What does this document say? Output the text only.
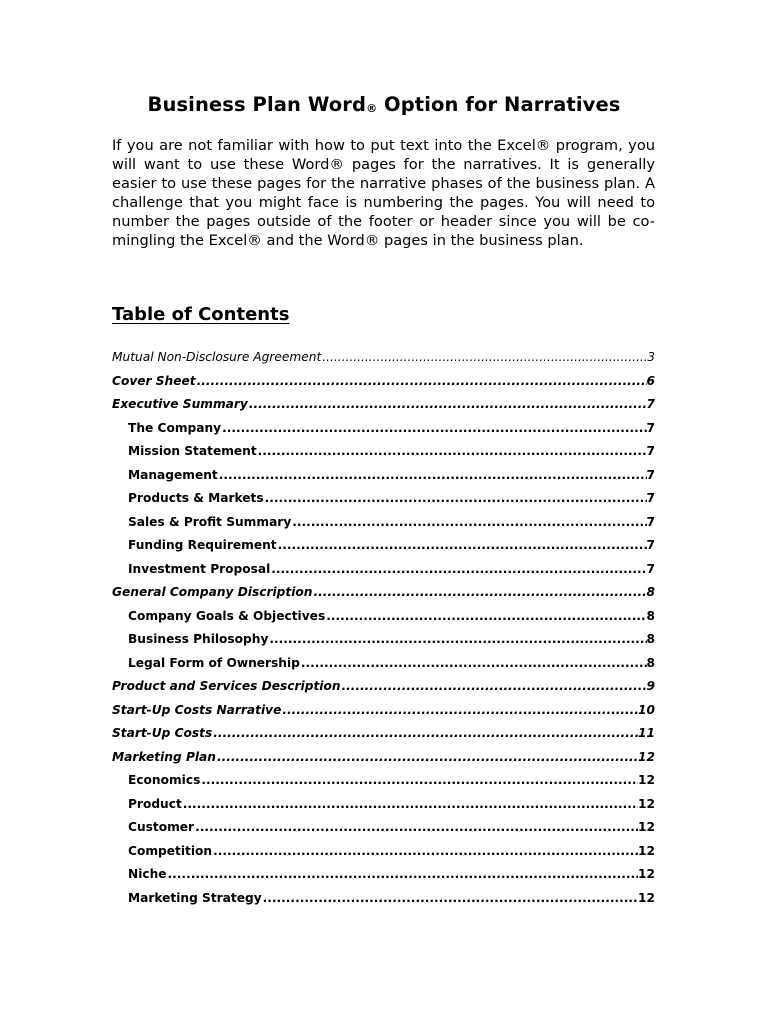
Business Plan Word® Option for Narratives

If you are not familiar with how to put text into the Excel® program, you will want to use these Word® pages for the narratives. It is generally easier to use these pages for the narrative phases of the business plan. A challenge that you might face is numbering the pages. You will need to number the pages outside of the footer or header since you will be co-mingling the Excel® and the Word® pages in the business plan.

Table of Contents
Mutual Non-Disclosure Agreement .....	3
Cover Sheet .....	6
Executive Summary .....	7
The Company .....	7
Mission Statement .....	7
Management .....	7
Products & Markets .....	7
Sales & Profit Summary .....	7
Funding Requirement .....	7
Investment Proposal .....	7
General Company Discription .....	8
Company Goals & Objectives .....	8
Business Philosophy .....	8
Legal Form of Ownership .....	8
Product and Services Description .....	9
Start-Up Costs Narrative .....	10
Start-Up Costs .....	11
Marketing Plan .....	12
Economics .....	12
Product .....	12
Customer .....	12
Competition .....	12
Niche .....	12
Marketing Strategy .....	12
